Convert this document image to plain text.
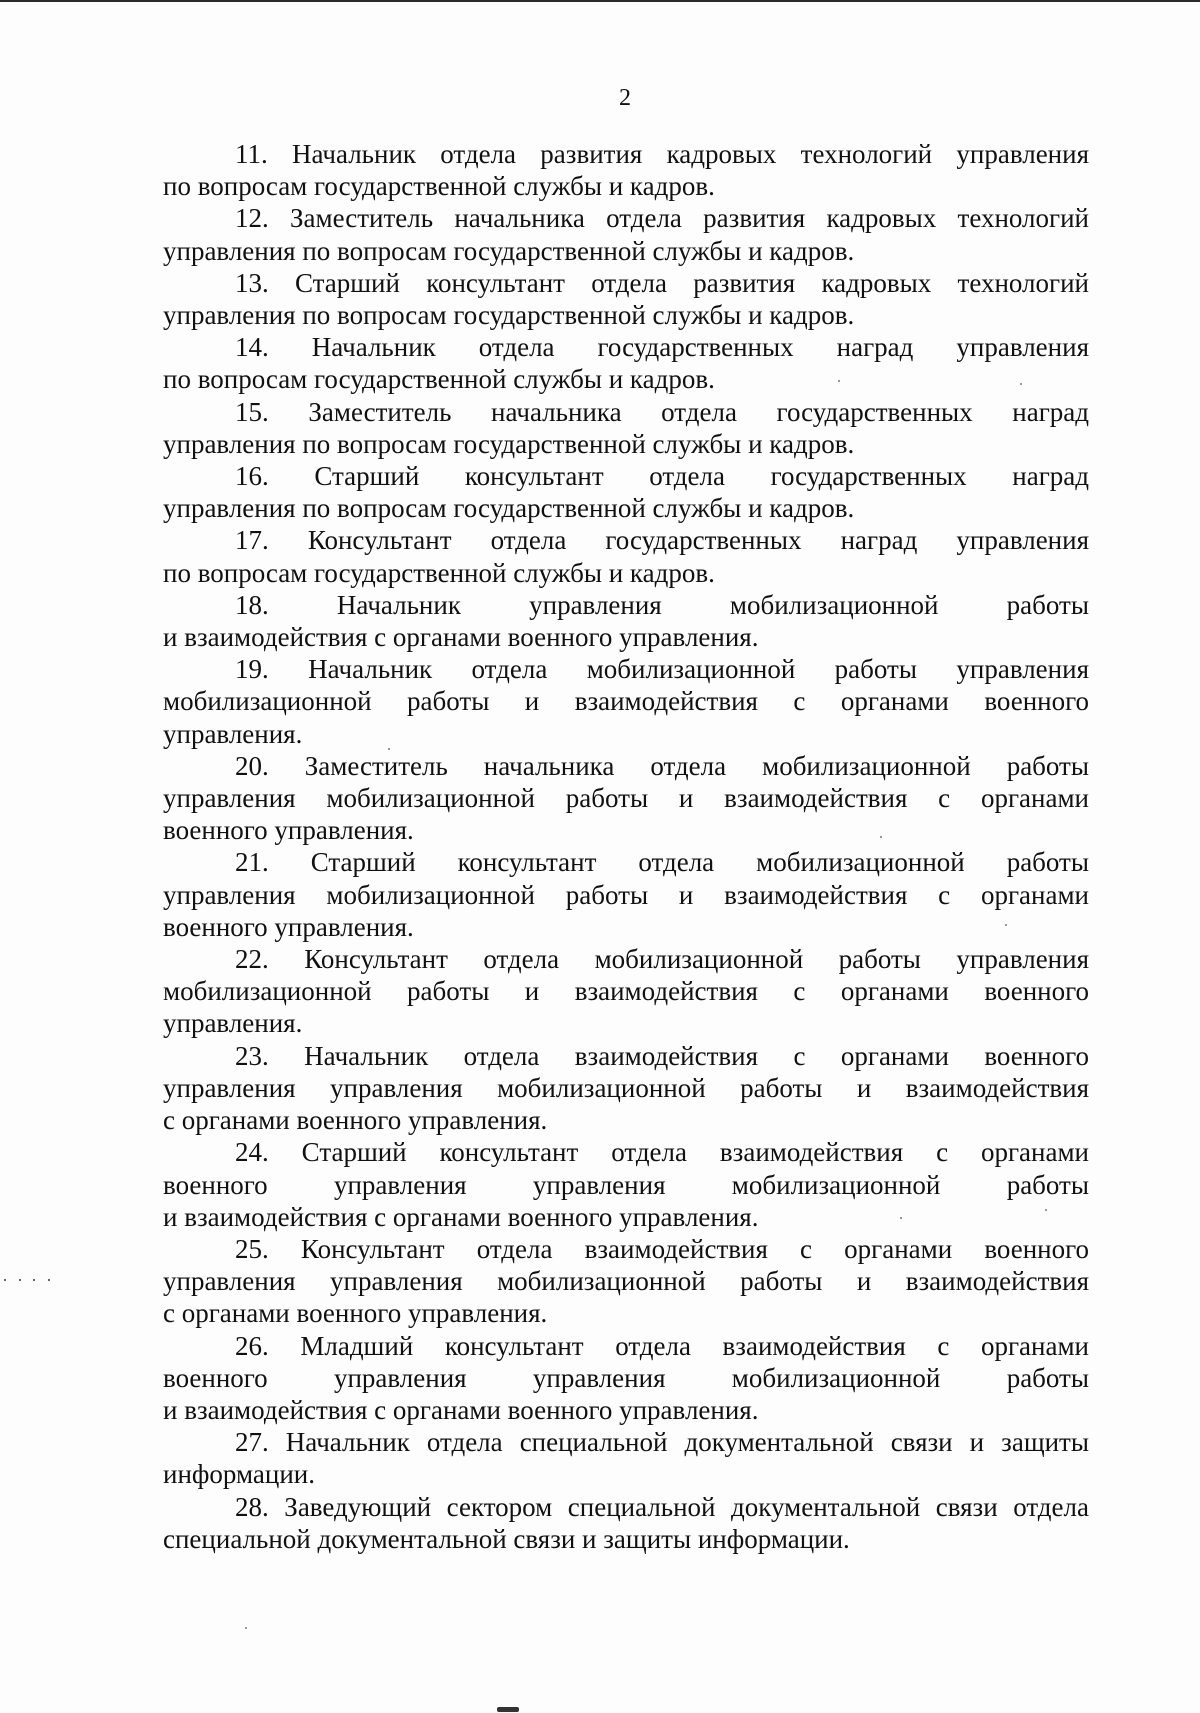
2
11. Начальник отдела развития кадровых технологий управления
по вопросам государственной службы и кадров.
12. Заместитель начальника отдела развития кадровых технологий
управления по вопросам государственной службы и кадров.
13. Старший консультант отдела развития кадровых технологий
управления по вопросам государственной службы и кадров.
14. Начальник отдела государственных наград управления
по вопросам государственной службы и кадров.
15. Заместитель начальника отдела государственных наград
управления по вопросам государственной службы и кадров.
16. Старший консультант отдела государственных наград
управления по вопросам государственной службы и кадров.
17. Консультант отдела государственных наград управления
по вопросам государственной службы и кадров.
18. Начальник управления мобилизационной работы
и взаимодействия с органами военного управления.
19. Начальник отдела мобилизационной работы управления
мобилизационной работы и взаимодействия с органами военного
управления.
20. Заместитель начальника отдела мобилизационной работы
управления мобилизационной работы и взаимодействия с органами
военного управления.
21. Старший консультант отдела мобилизационной работы
управления мобилизационной работы и взаимодействия с органами
военного управления.
22. Консультант отдела мобилизационной работы управления
мобилизационной работы и взаимодействия с органами военного
управления.
23. Начальник отдела взаимодействия с органами военного
управления управления мобилизационной работы и взаимодействия
с органами военного управления.
24. Старший консультант отдела взаимодействия с органами
военного управления управления мобилизационной работы
и взаимодействия с органами военного управления.
25. Консультант отдела взаимодействия с органами военного
управления управления мобилизационной работы и взаимодействия
с органами военного управления.
26. Младший консультант отдела взаимодействия с органами
военного управления управления мобилизационной работы
и взаимодействия с органами военного управления.
27. Начальник отдела специальной документальной связи и защиты
информации.
28. Заведующий сектором специальной документальной связи отдела
специальной документальной связи и защиты информации.
